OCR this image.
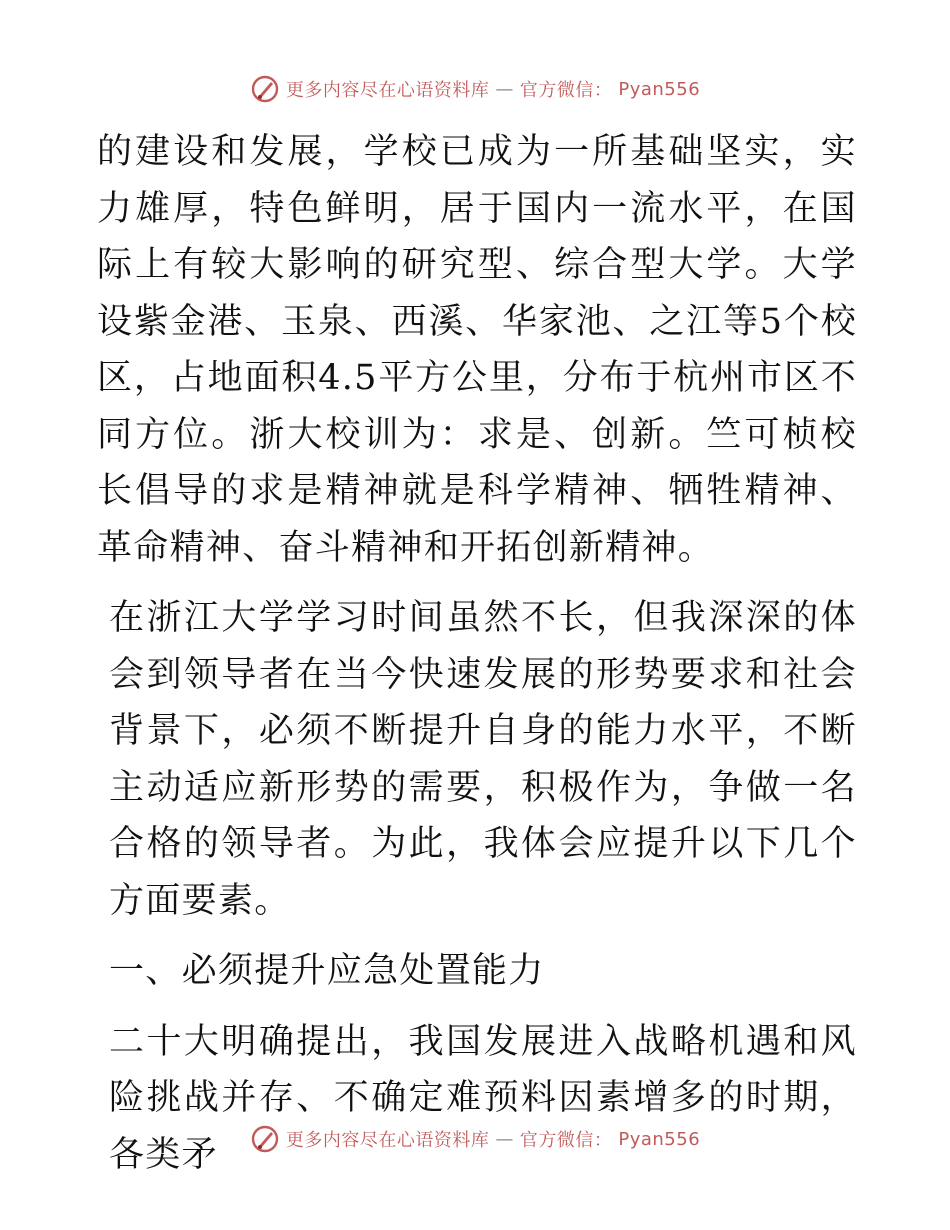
更多内容尽在心语资料库 — 官方微信： Pyan556

的建设和发展，学校已成为一所基础坚实，实力雄厚，特色鲜明，居于国内一流水平，在国际上有较大影响的研究型、综合型大学。大学设紫金港、玉泉、西溪、华家池、之江等5个校区，占地面积4.5平方公里，分布于杭州市区不同方位。浙大校训为：求是、创新。竺可桢校长倡导的求是精神就是科学精神、牺牲精神、革命精神、奋斗精神和开拓创新精神。

在浙江大学学习时间虽然不长，但我深深的体会到领导者在当今快速发展的形势要求和社会背景下，必须不断提升自身的能力水平，不断主动适应新形势的需要，积极作为，争做一名合格的领导者。为此，我体会应提升以下几个方面要素。

一、必须提升应急处置能力

二十大明确提出，我国发展进入战略机遇和风险挑战并存、不确定难预料因素增多的时期，各类矛	更多内容尽在心语资料库 — 官方微信： Pyan556
